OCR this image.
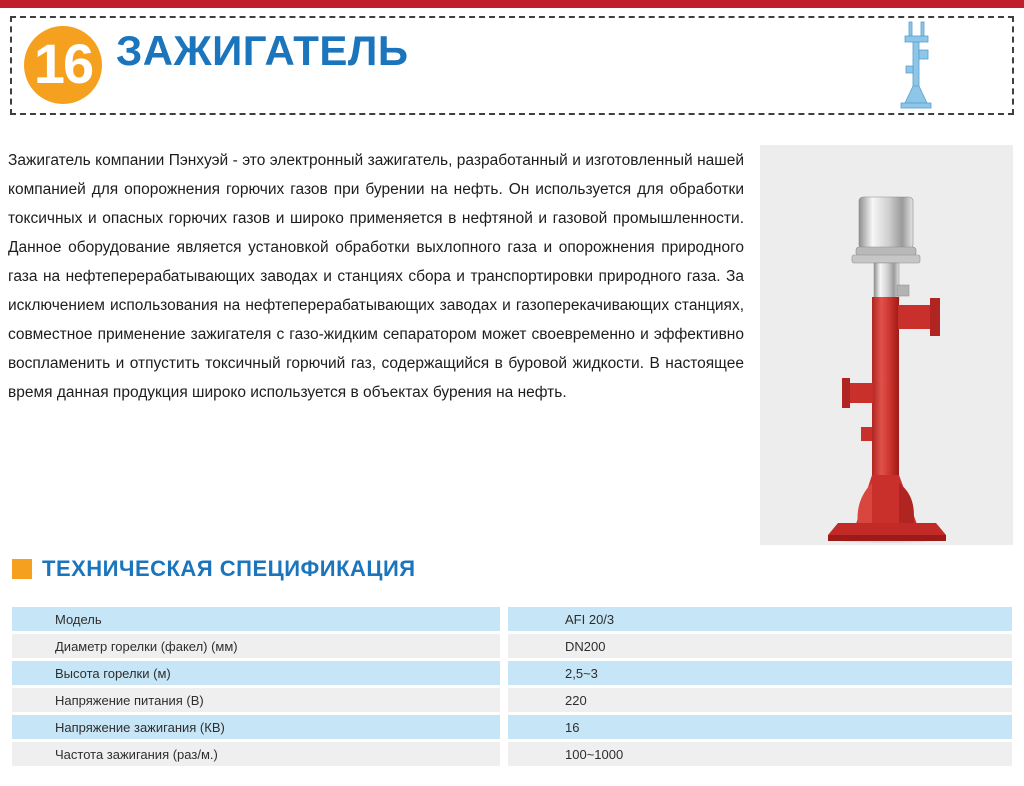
16 ЗАЖИГАТЕЛЬ

Зажигатель компании Пэнхуэй - это электронный зажигатель, разработанный и изготовленный нашей компанией для опорожнения горючих газов при бурении на нефть. Он используется для обработки токсичных и опасных горючих газов и широко применяется в нефтяной и газовой промышленности. Данное оборудование является установкой обработки выхлопного газа и опорожнения природного газа на нефтеперерабатывающих заводах и станциях сбора и транспортировки природного газа. За исключением использования на нефтеперерабатывающих заводах и газоперекачивающих станциях, совместное применение зажигателя с газо-жидким сепаратором может своевременно и эффективно воспламенить и отпустить токсичный горючий газ, содержащийся в буровой жидкости. В настоящее время данная продукция широко используется в объектах бурения на нефть.

ТЕХНИЧЕСКАЯ СПЕЦИФИКАЦИЯ
Модель	AFI 20/3
Диаметр горелки (факел) (мм)	DN200
Высота горелки (м)	2,5~3
Напряжение питания (В)	220
Напряжение зажигания (КВ)	16
Частота зажигания (раз/м.)	100~1000
